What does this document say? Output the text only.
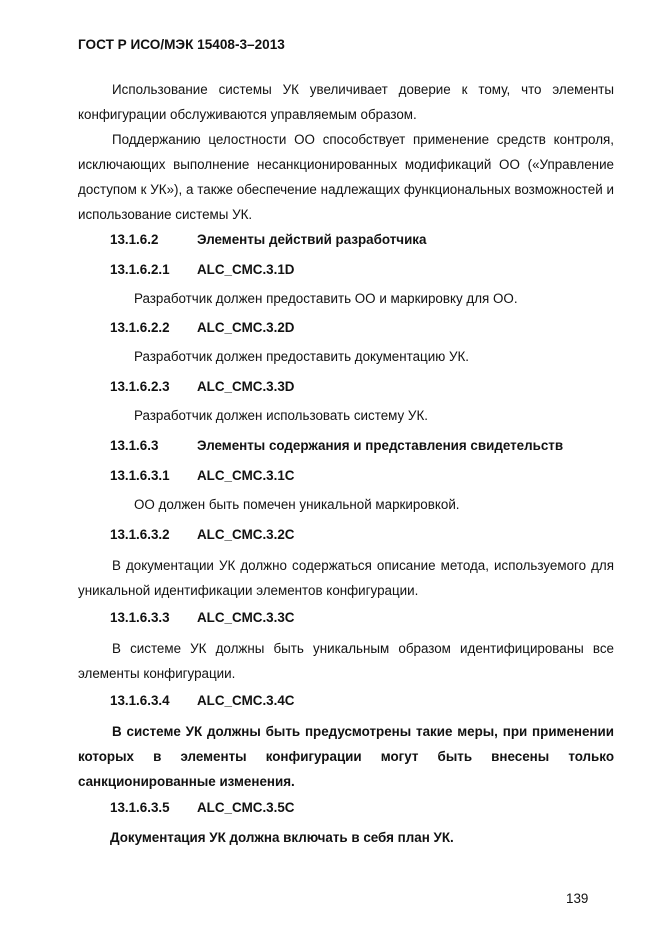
ГОСТ Р ИСО/МЭК 15408-3–2013

Использование системы УК увеличивает доверие к тому, что элементы конфигурации обслуживаются управляемым образом.

Поддержанию целостности ОО способствует применение средств контроля, исключающих выполнение несанкционированных модификаций ОО («Управление доступом к УК»), а также обеспечение надлежащих функциональных возможностей и использование системы УК.

13.1.6.2	Элементы действий разработчика
13.1.6.2.1 ALC_CMC.3.1D
Разработчик должен предоставить ОО и маркировку для ОО.
13.1.6.2.2 ALC_CMC.3.2D
Разработчик должен предоставить документацию УК.
13.1.6.2.3 ALC_CMC.3.3D
Разработчик должен использовать систему УК.
13.1.6.3	Элементы содержания и представления свидетельств
13.1.6.3.1 ALC_CMC.3.1C
ОО должен быть помечен уникальной маркировкой.
13.1.6.3.2 ALC_CMC.3.2C

В документации УК должно содержаться описание метода, используемого для уникальной идентификации элементов конфигурации.

13.1.6.3.3 ALC_CMC.3.3C

В системе УК должны быть уникальным образом идентифицированы все элементы конфигурации.

13.1.6.3.4 ALC_CMC.3.4C

В системе УК должны быть предусмотрены такие меры, при применении которых в элементы конфигурации могут быть внесены только санкционированные изменения.

13.1.6.3.5 ALC_CMC.3.5C
Документация УК должна включать в себя план УК.
139
